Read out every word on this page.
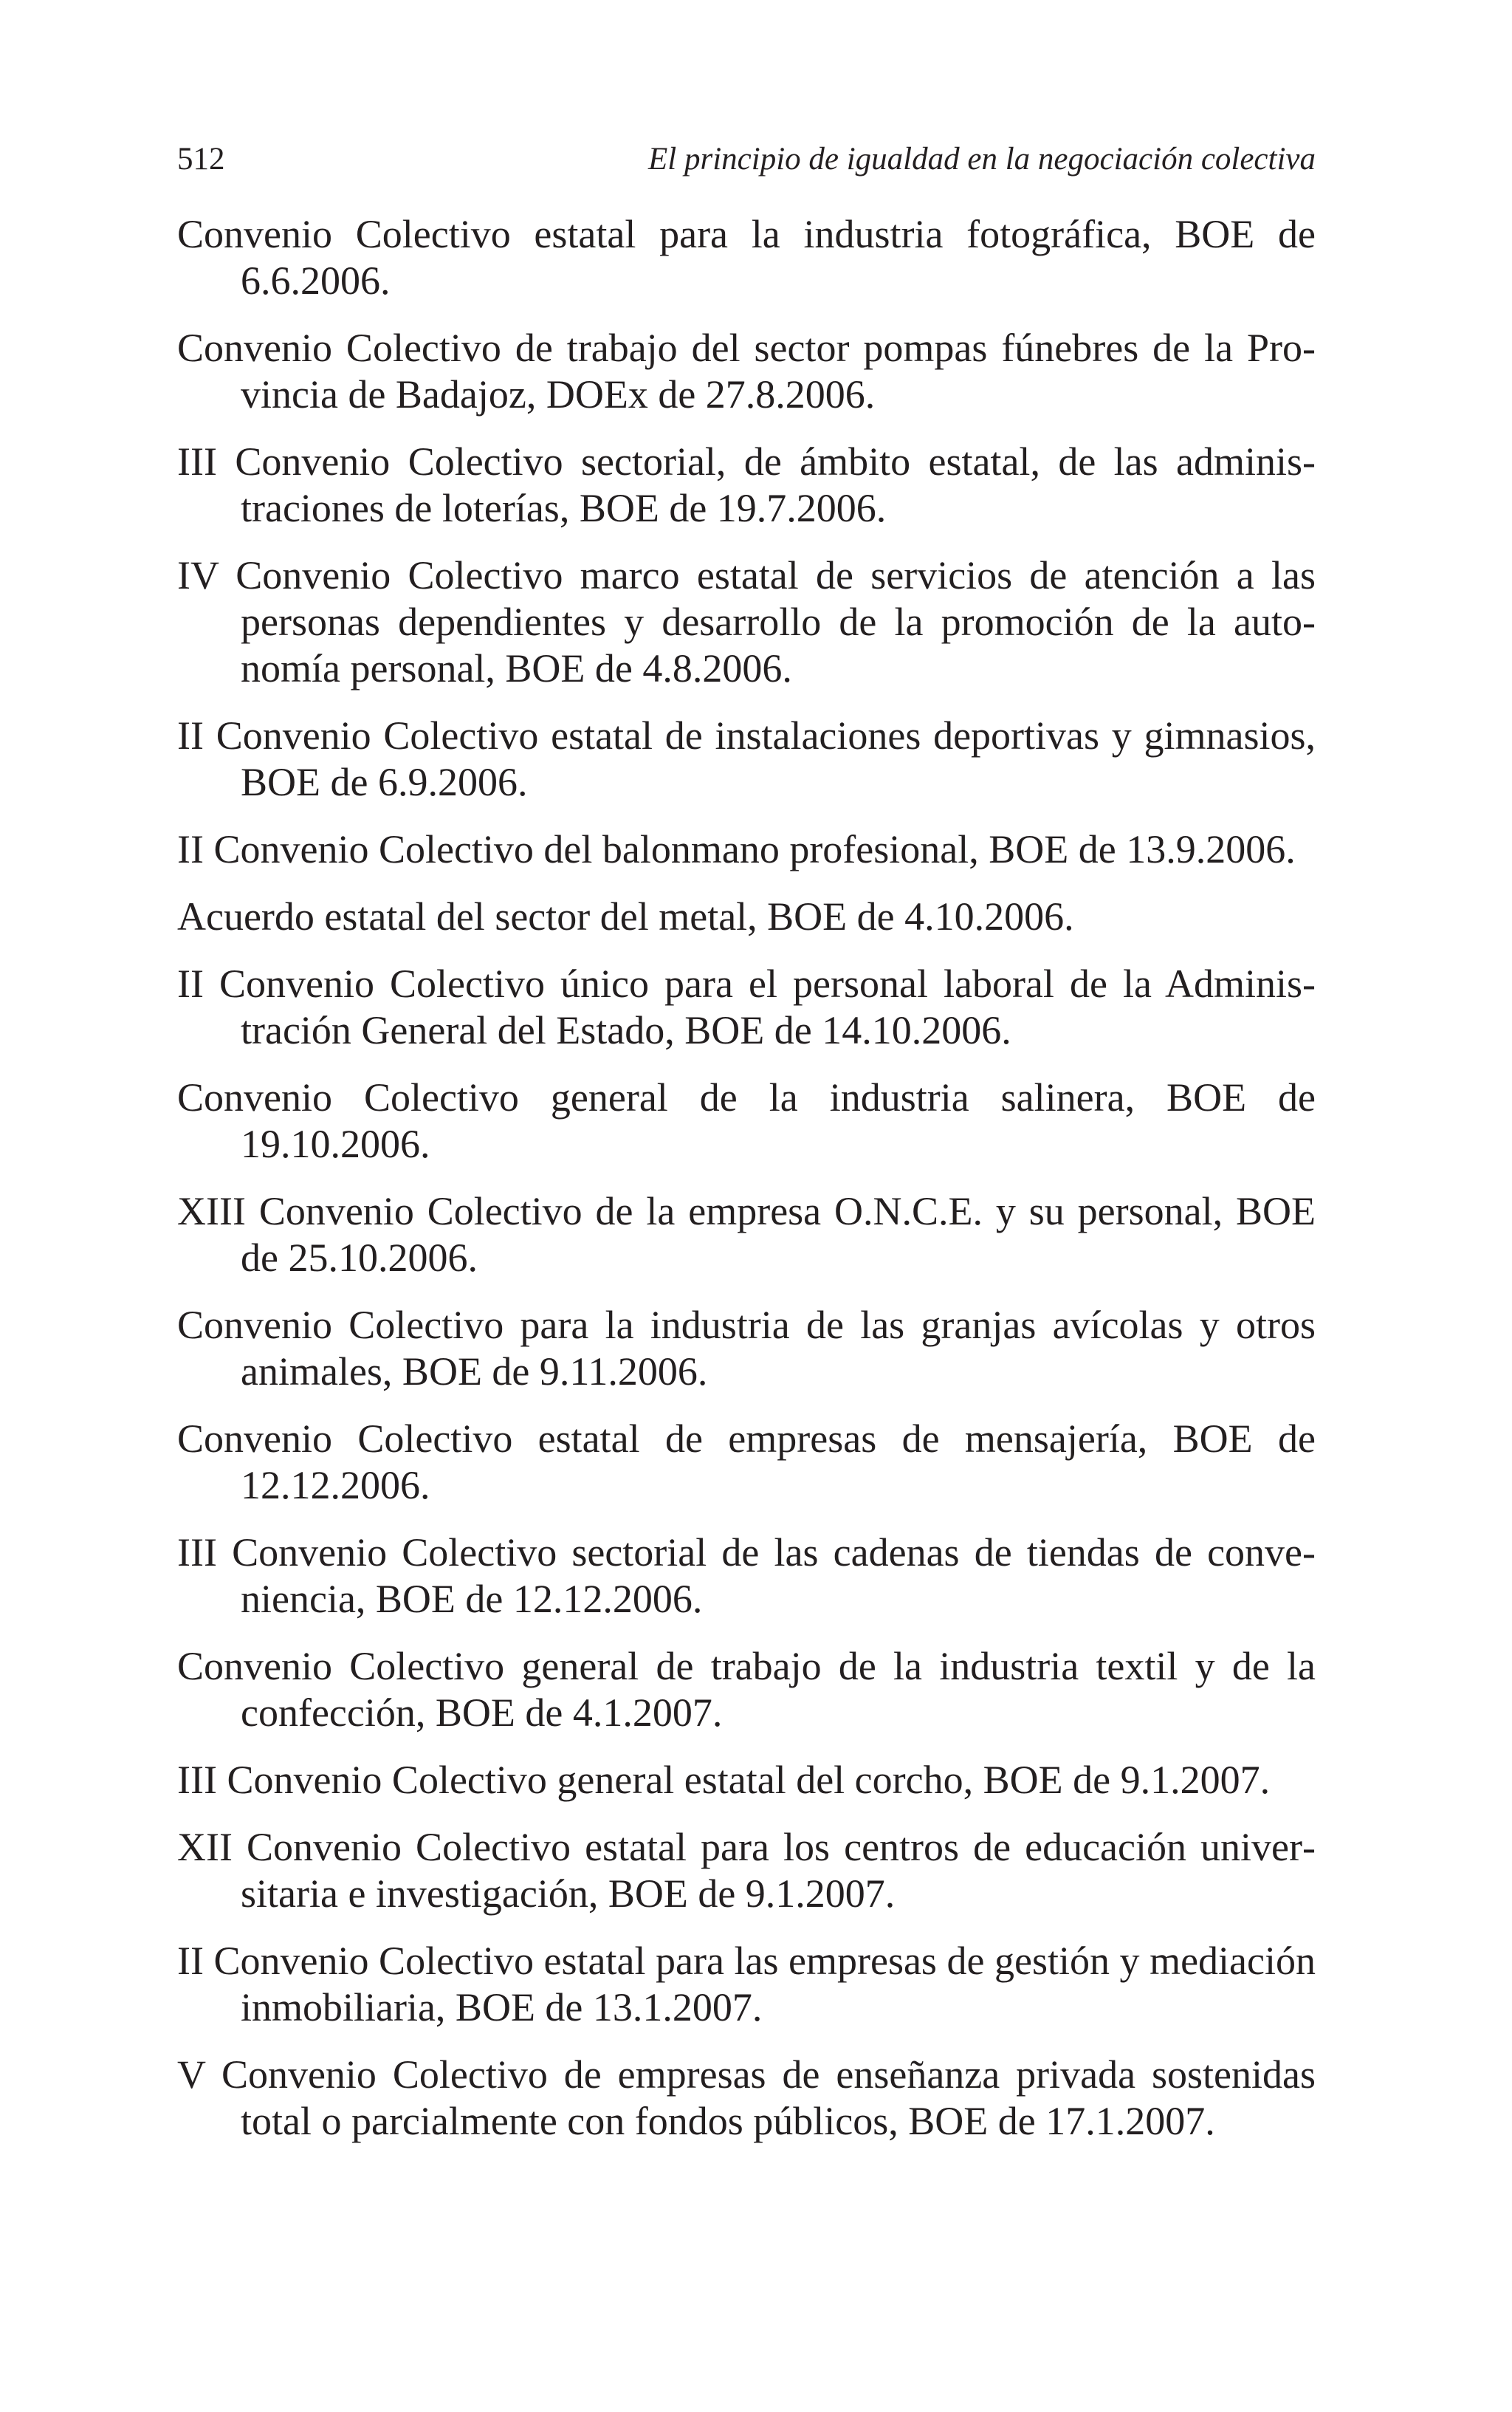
512	El principio de igualdad en la negociación colectiva
Convenio Colectivo estatal para la industria fotográfica, BOE de 6.6.2006.
Convenio Colectivo de trabajo del sector pompas fúnebres de la Provincia de Badajoz, DOEx de 27.8.2006.
III Convenio Colectivo sectorial, de ámbito estatal, de las administraciones de loterías, BOE de 19.7.2006.
IV Convenio Colectivo marco estatal de servicios de atención a las personas dependientes y desarrollo de la promoción de la autonomía personal, BOE de 4.8.2006.
II Convenio Colectivo estatal de instalaciones deportivas y gimnasios, BOE de 6.9.2006.
II Convenio Colectivo del balonmano profesional, BOE de 13.9.2006.
Acuerdo estatal del sector del metal, BOE de 4.10.2006.
II Convenio Colectivo único para el personal laboral de la Administración General del Estado, BOE de 14.10.2006.
Convenio Colectivo general de la industria salinera, BOE de 19.10.2006.
XIII Convenio Colectivo de la empresa O.N.C.E. y su personal, BOE de 25.10.2006.
Convenio Colectivo para la industria de las granjas avícolas y otros animales, BOE de 9.11.2006.
Convenio Colectivo estatal de empresas de mensajería, BOE de 12.12.2006.
III Convenio Colectivo sectorial de las cadenas de tiendas de conveniencia, BOE de 12.12.2006.
Convenio Colectivo general de trabajo de la industria textil y de la confección, BOE de 4.1.2007.
III Convenio Colectivo general estatal del corcho, BOE de 9.1.2007.
XII Convenio Colectivo estatal para los centros de educación universitaria e investigación, BOE de 9.1.2007.
II Convenio Colectivo estatal para las empresas de gestión y mediación inmobiliaria, BOE de 13.1.2007.
V Convenio Colectivo de empresas de enseñanza privada sostenidas total o parcialmente con fondos públicos, BOE de 17.1.2007.
